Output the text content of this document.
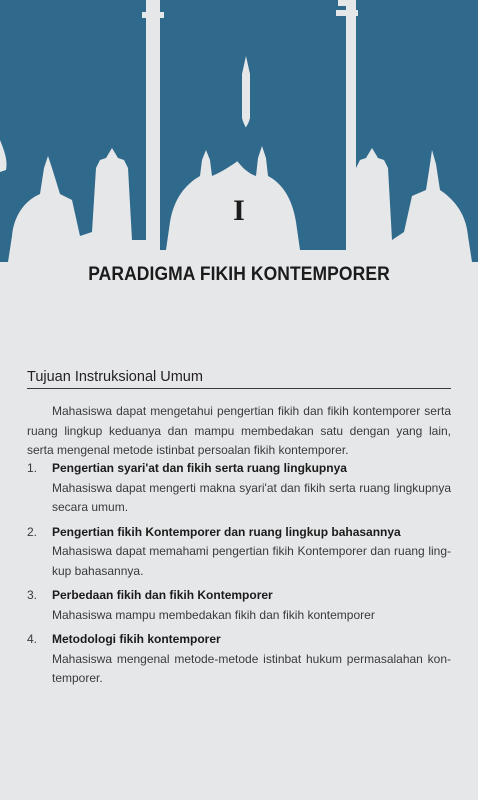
I
PARADIGMA FIKIH KONTEMPORER
Tujuan Instruksional Umum

Mahasiswa dapat mengetahui pengertian fikih dan fikih kontemporer serta ruang lingkup keduanya dan mampu membedakan satu dengan yang lain, serta mengenal metode istinbat persoalan fikih kontemporer.

1.	Pengertian syari'at dan fikih serta ruang lingkupnya
Mahasiswa dapat mengerti makna syari'at dan fikih serta ruang lingkupnya secara umum.
2.	Pengertian fikih Kontemporer dan ruang lingkup bahasannya
Mahasiswa dapat memahami pengertian fikih Kontemporer dan ruang ling-kup bahasannya.
3.	Perbedaan fikih dan fikih Kontemporer
Mahasiswa mampu membedakan fikih dan fikih kontemporer
4.	Metodologi fikih kontemporer
Mahasiswa mengenal metode-metode istinbat hukum permasalahan kon-temporer.
